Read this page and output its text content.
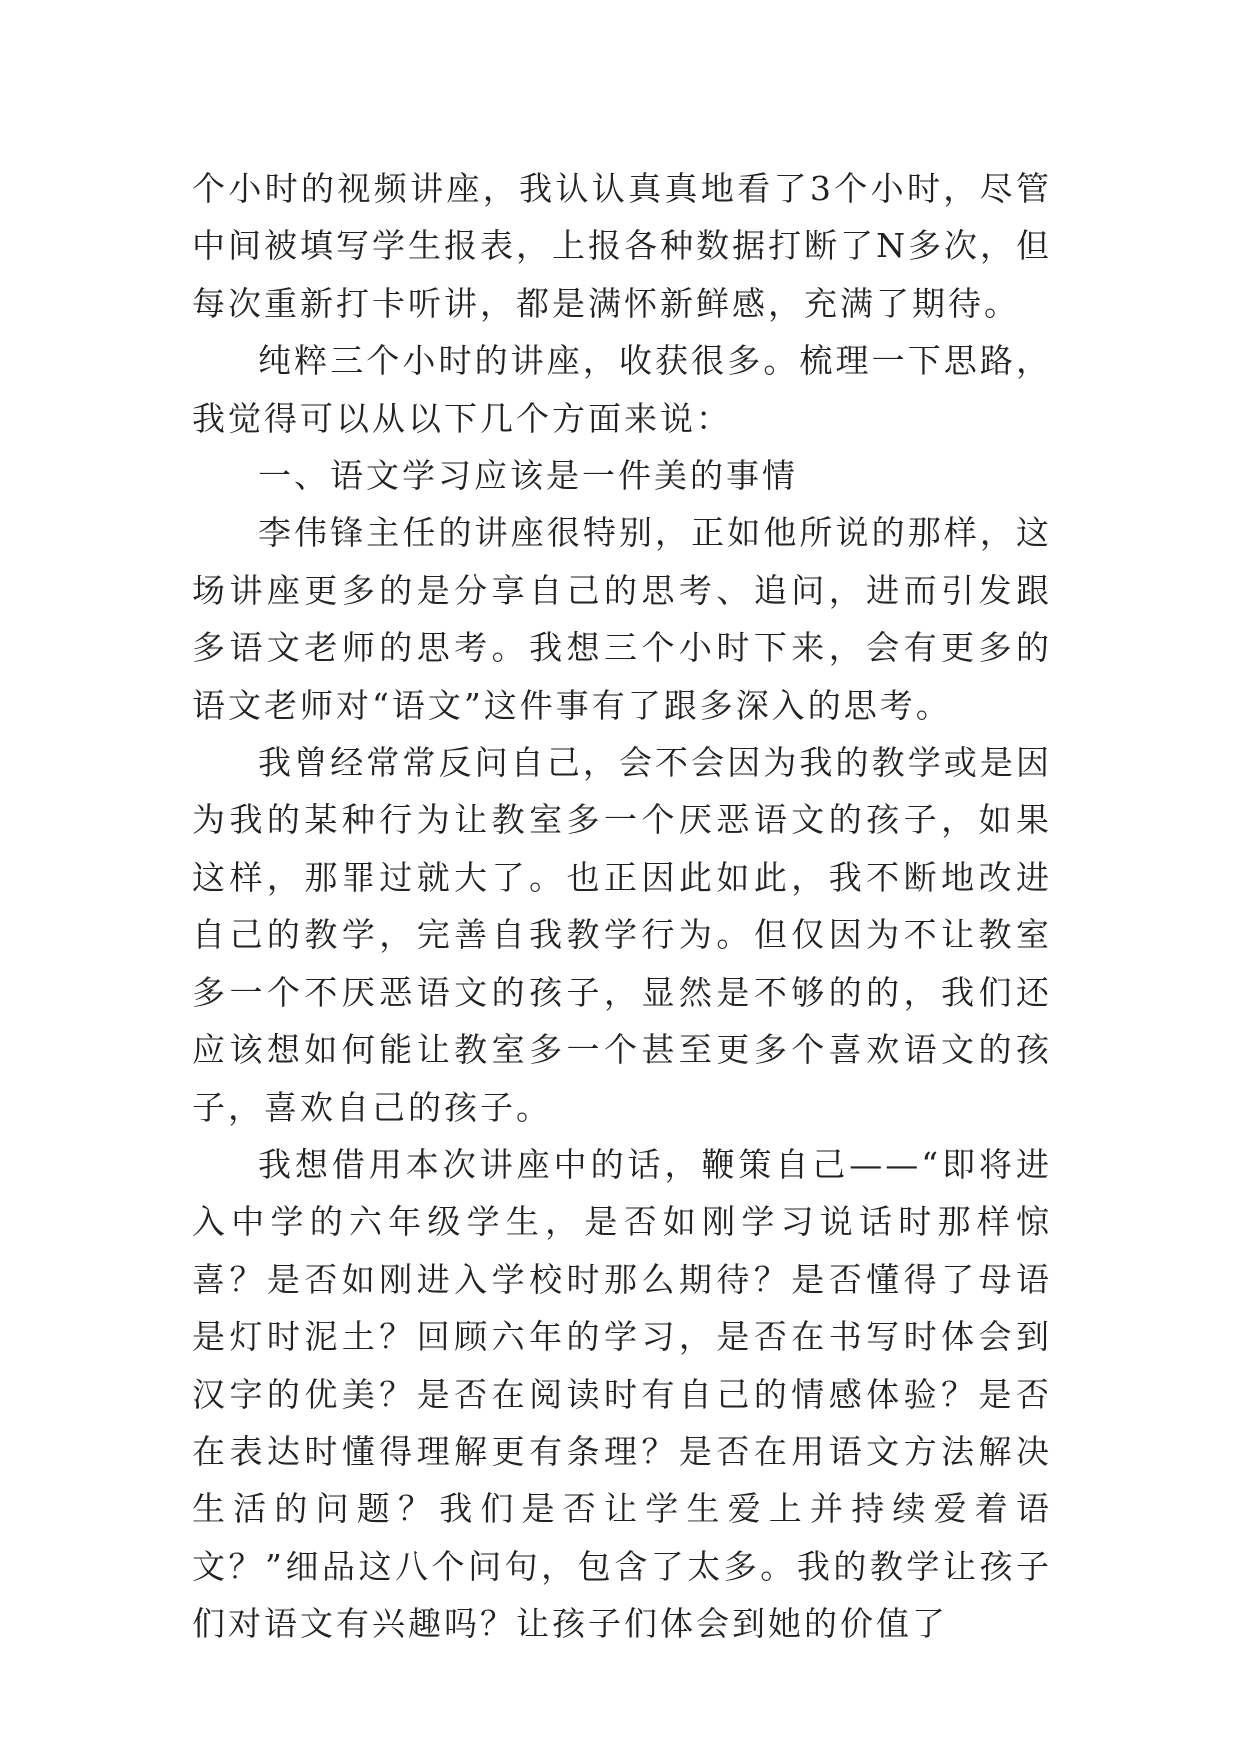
个小时的视频讲座，我认认真真地看了3个小时，尽管中间被填写学生报表，上报各种数据打断了N多次，但每次重新打卡听讲，都是满怀新鲜感，充满了期待。

纯粹三个小时的讲座，收获很多。梳理一下思路，我觉得可以从以下几个方面来说：

一、语文学习应该是一件美的事情

李伟锋主任的讲座很特别，正如他所说的那样，这场讲座更多的是分享自己的思考、追问，进而引发跟多语文老师的思考。我想三个小时下来，会有更多的语文老师对“语文”这件事有了跟多深入的思考。

我曾经常常反问自己，会不会因为我的教学或是因为我的某种行为让教室多一个厌恶语文的孩子，如果这样，那罪过就大了。也正因此如此，我不断地改进自己的教学，完善自我教学行为。但仅因为不让教室多一个不厌恶语文的孩子，显然是不够的的，我们还应该想如何能让教室多一个甚至更多个喜欢语文的孩子，喜欢自己的孩子。

我想借用本次讲座中的话，鞭策自己——“即将进入中学的六年级学生，是否如刚学习说话时那样惊喜？是否如刚进入学校时那么期待？是否懂得了母语是灯时泥土？回顾六年的学习，是否在书写时体会到汉字的优美？是否在阅读时有自己的情感体验？是否在表达时懂得理解更有条理？是否在用语文方法解决生活的问题？我们是否让学生爱上并持续爱着语文？”细品这八个问句，包含了太多。我的教学让孩子们对语文有兴趣吗？让孩子们体会到她的价值了
